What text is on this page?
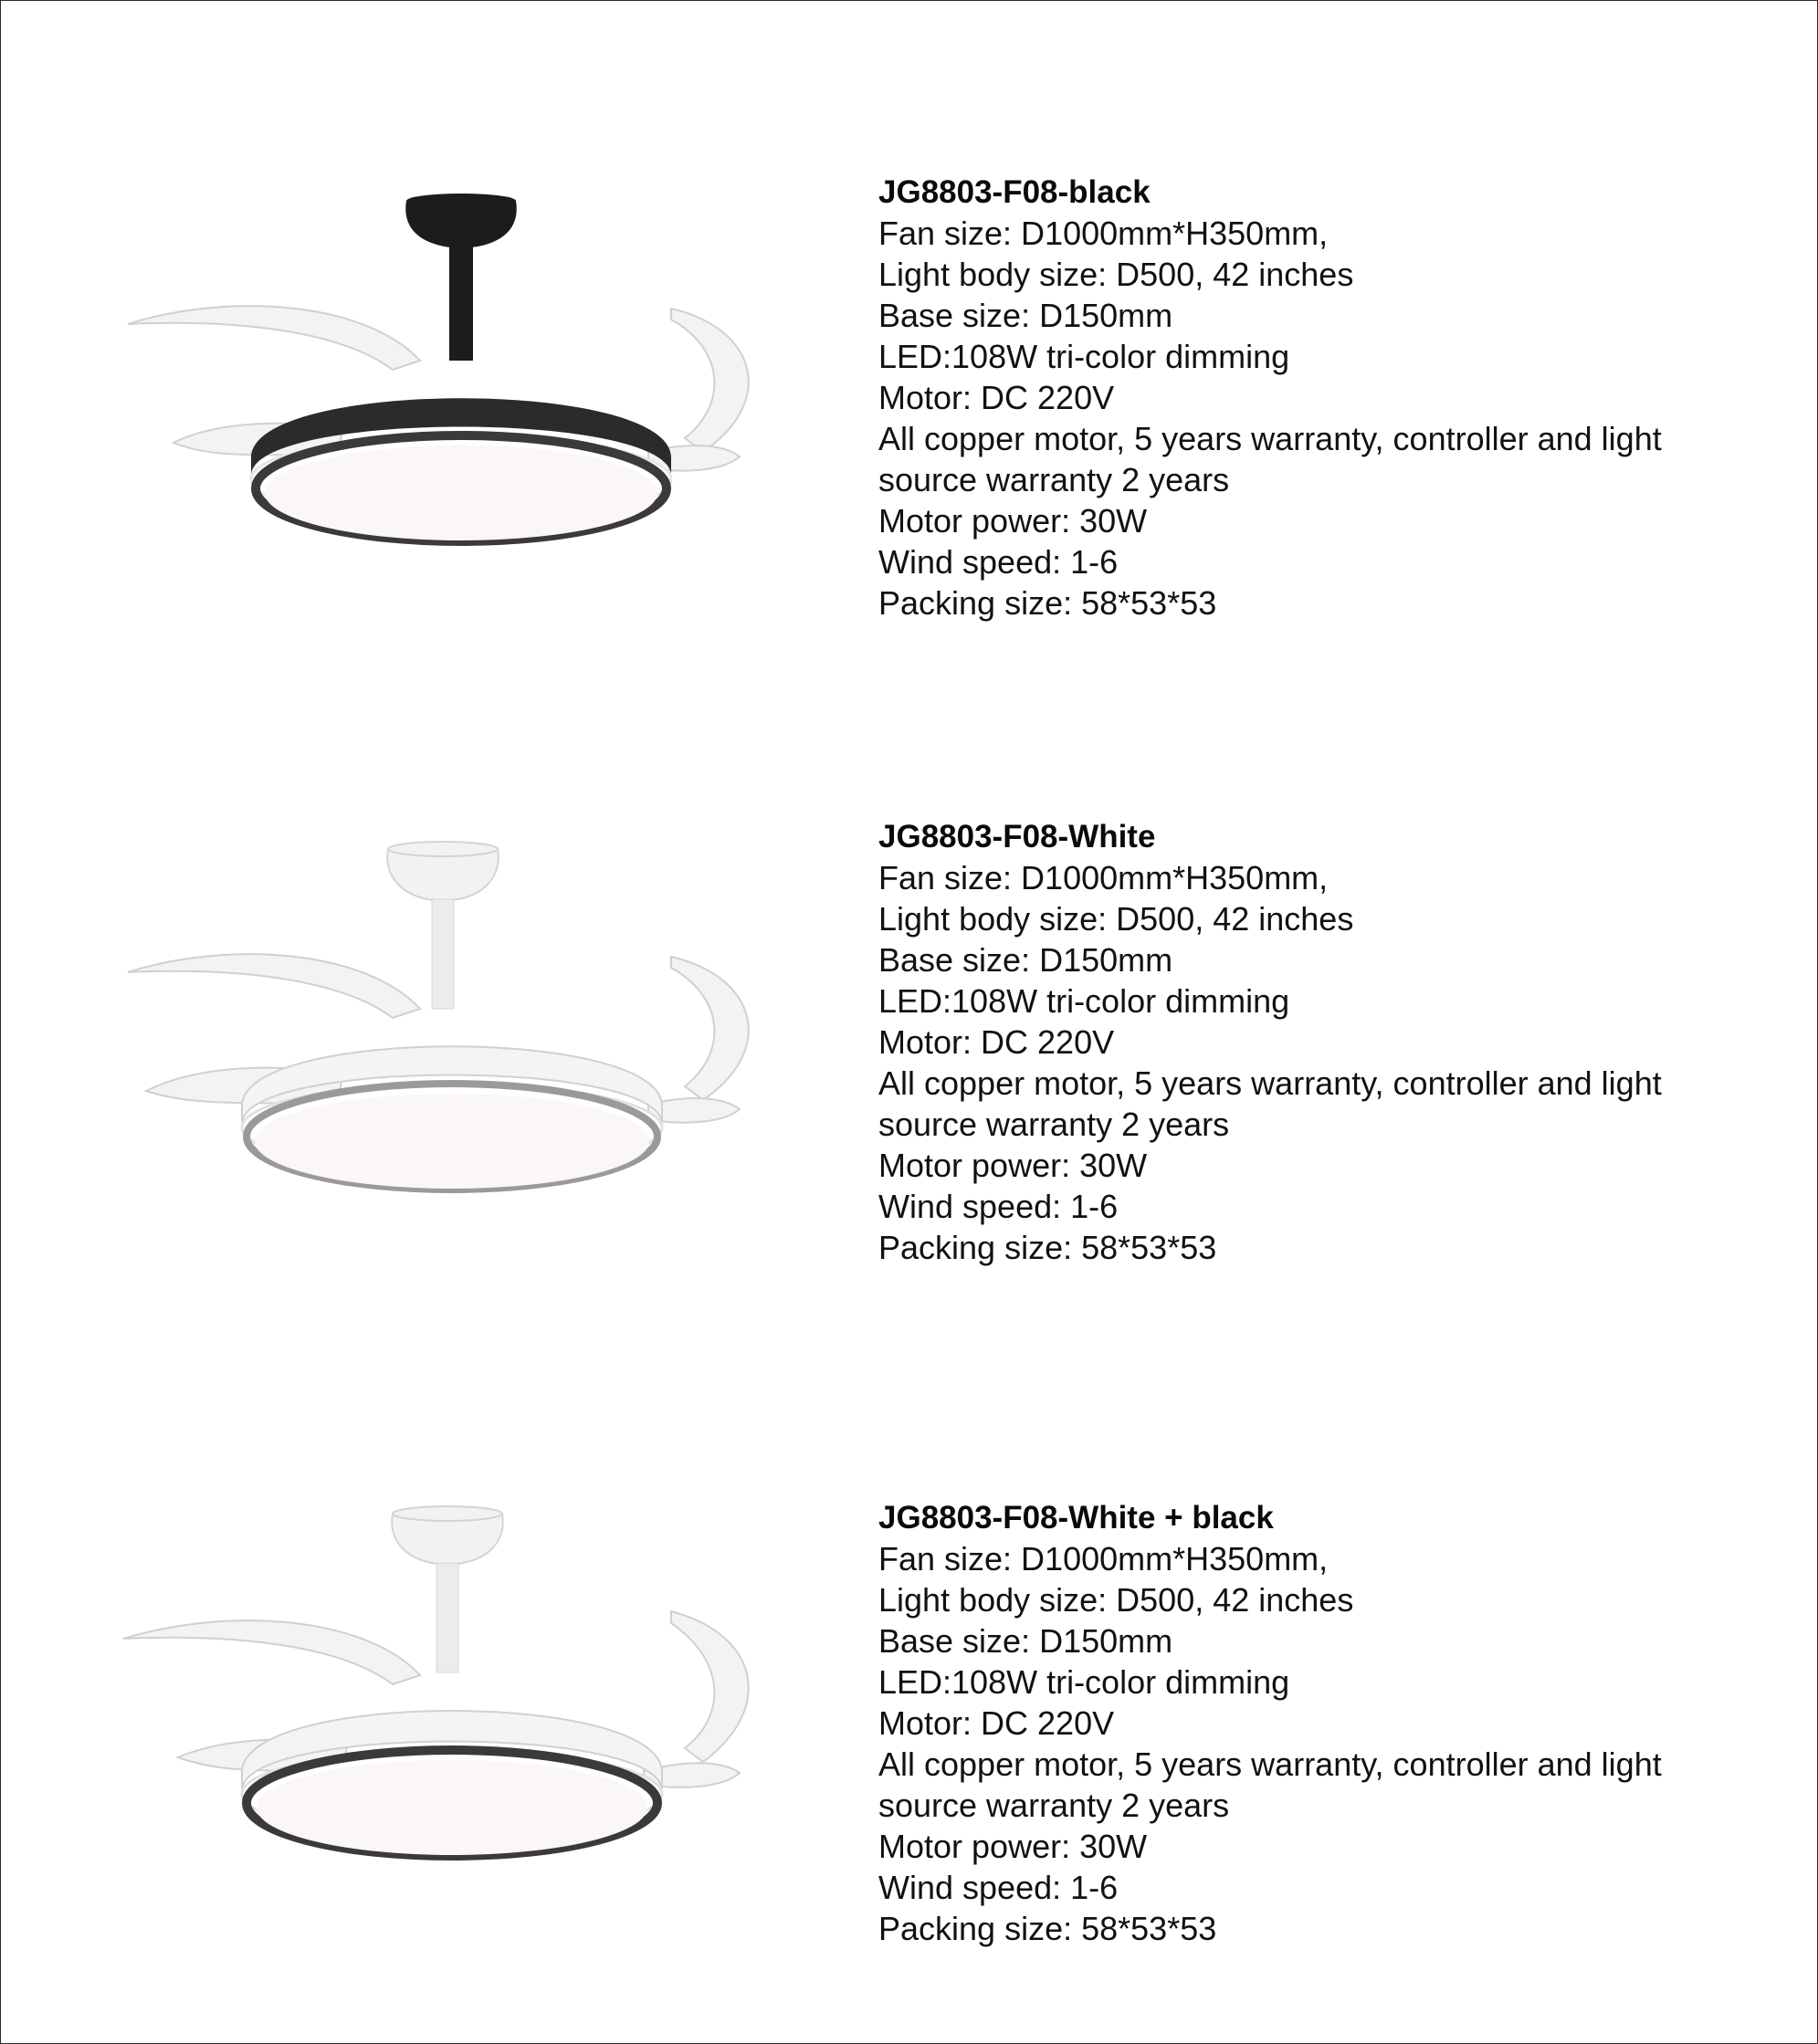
JG8803-F08-black

Fan size: D1000mm*H350mm,

Light body size: D500, 42 inches

Base size: D150mm

LED:108W tri-color dimming

Motor: DC 220V

All copper motor, 5 years warranty, controller and light

source warranty 2 years

Motor power: 30W

Wind speed: 1-6

Packing size: 58*53*53

JG8803-F08-White

Fan size: D1000mm*H350mm,

Light body size: D500, 42 inches

Base size: D150mm

LED:108W tri-color dimming

Motor: DC 220V

All copper motor, 5 years warranty, controller and light

source warranty 2 years

Motor power: 30W

Wind speed: 1-6

Packing size: 58*53*53

JG8803-F08-White + black

Fan size: D1000mm*H350mm,

Light body size: D500, 42 inches

Base size: D150mm

LED:108W tri-color dimming

Motor: DC 220V

All copper motor, 5 years warranty, controller and light

source warranty 2 years

Motor power: 30W

Wind speed: 1-6

Packing size: 58*53*53
